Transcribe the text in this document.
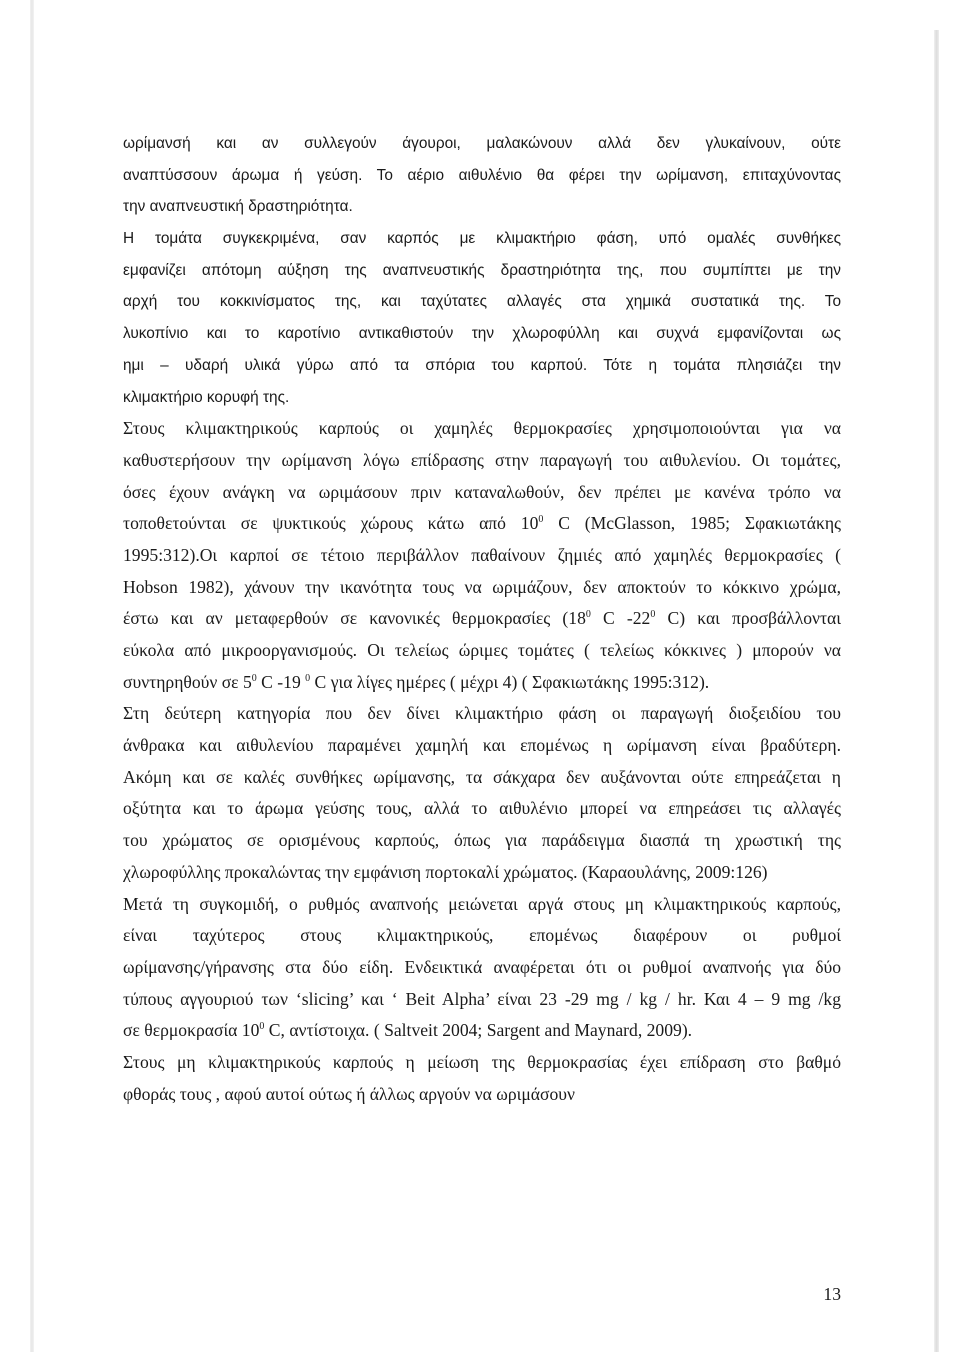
ωρίμανσή και αν συλλεγούν άγουροι, μαλακώνουν αλλά δεν γλυκαίνουν, ούτε
αναπτύσσουν άρωμα ή γεύση. Το αέριο αιθυλένιο θα φέρει την ωρίμανση, επιταχύνοντας
την αναπνευστική δραστηριότητα.
Η τομάτα συγκεκριμένα, σαν καρπός με κλιμακτήριο φάση, υπό ομαλές συνθήκες
εμφανίζει απότομη αύξηση της αναπνευστικής δραστηριότητα της, που συμπίπτει με την
αρχή του κοκκινίσματος της, και ταχύτατες αλλαγές στα χημικά συστατικά της. Το
λυκοπίνιο και το καροτίνιο αντικαθιστούν την χλωροφύλλη και συχνά εμφανίζονται ως
ημι – υδαρή υλικά γύρω από τα σπόρια του καρπού. Τότε η τομάτα πλησιάζει την
κλιμακτήριο κορυφή της.
Στους κλιμακτηρικούς καρπούς οι χαμηλές θερμοκρασίες χρησιμοποιούνται για να
καθυστερήσουν την ωρίμανση λόγω επίδρασης στην παραγωγή του αιθυλενίου. Οι τομάτες,
όσες έχουν ανάγκη να ωριμάσουν πριν καταναλωθούν, δεν πρέπει με κανένα τρόπο να
τοποθετούνται σε ψυκτικούς χώρους κάτω από $10^0$ C (McGlasson, 1985; Σφακιωτάκης
1995:312).Οι καρποί σε τέτοιο περιβάλλον παθαίνουν ζημιές από χαμηλές θερμοκρασίες (
Hobson 1982), χάνουν την ικανότητα τους να ωριμάζουν, δεν αποκτούν το κόκκινο χρώμα,
έστω και αν μεταφερθούν σε κανονικές θερμοκρασίες ($18^0$ C $-22^0$ C) και προσβάλλονται
εύκολα από μικροοργανισμούς. Οι τελείως ώριμες τομάτες ( τελείως κόκκινες ) μπορούν να
συντηρηθούν σε $5^0$ C -19 $^0$ C για λίγες ημέρες ( μέχρι 4) ( Σφακιωτάκης 1995:312).
Στη δεύτερη κατηγορία που δεν δίνει κλιμακτήριο φάση οι παραγωγή διοξειδίου του
άνθρακα και αιθυλενίου παραμένει χαμηλή και επομένως η ωρίμανση είναι βραδύτερη.
Ακόμη και σε καλές συνθήκες ωρίμανσης, τα σάκχαρα δεν αυξάνονται ούτε επηρεάζεται η
οξύτητα και το άρωμα γεύσης τους, αλλά το αιθυλένιο μπορεί να επηρεάσει τις αλλαγές
του χρώματος σε ορισμένους καρπούς, όπως για παράδειγμα διασπά τη χρωστική της
χλωροφύλλης προκαλώντας την εμφάνιση πορτοκαλί χρώματος. (Καραουλάνης, 2009:126)
Μετά τη συγκομιδή, ο ρυθμός αναπνοής μειώνεται αργά στους μη κλιμακτηρικούς καρπούς,
είναι ταχύτερος στους κλιμακτηρικούς, επομένως διαφέρουν οι ρυθμοί
ωρίμανσης/γήρανσης στα δύο είδη. Ενδεικτικά αναφέρεται ότι οι ρυθμοί αναπνοής για δύο
τύπους αγγουριού των ‘slicing’ και ‘ Beit Alpha’ είναι 23 -29 mg / kg / hr. Και 4 – 9 mg /kg
σε θερμοκρασία $10^0$ C, αντίστοιχα. ( Saltveit 2004; Sargent and Maynard, 2009).
Στους μη κλιμακτηρικούς καρπούς η μείωση της θερμοκρασίας έχει επίδραση στο βαθμό
φθοράς τους , αφού αυτοί ούτως ή άλλως αργούν να ωριμάσουν
13
